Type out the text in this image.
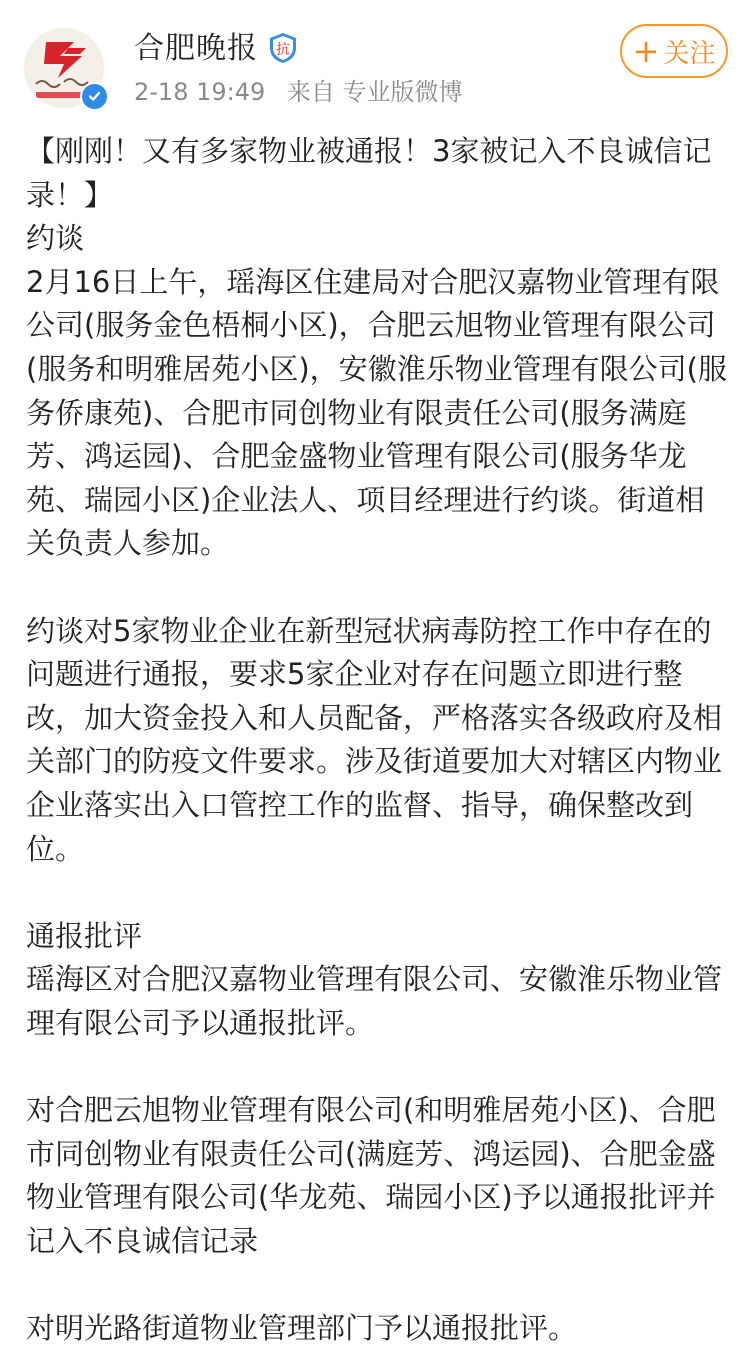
合肥晚报 抗
2-18 19:49 来自 专业版微博
+ 关注

【刚刚！又有多家物业被通报！3家被记入不良诚信记录！】

约谈

2月16日上午，瑶海区住建局对合肥汉嘉物业管理有限公司(服务金色梧桐小区)，合肥云旭物业管理有限公司(服务和明雅居苑小区)，安徽淮乐物业管理有限公司(服务侨康苑)、合肥市同创物业有限责任公司(服务满庭芳、鸿运园)、合肥金盛物业管理有限公司(服务华龙苑、瑞园小区)企业法人、项目经理进行约谈。街道相关负责人参加。

约谈对5家物业企业在新型冠状病毒防控工作中存在的问题进行通报，要求5家企业对存在问题立即进行整改，加大资金投入和人员配备，严格落实各级政府及相关部门的防疫文件要求。涉及街道要加大对辖区内物业企业落实出入口管控工作的监督、指导，确保整改到位。

通报批评

瑶海区对合肥汉嘉物业管理有限公司、安徽淮乐物业管理有限公司予以通报批评。

对合肥云旭物业管理有限公司(和明雅居苑小区)、合肥市同创物业有限责任公司(满庭芳、鸿运园)、合肥金盛物业管理有限公司(华龙苑、瑞园小区)予以通报批评并记入不良诚信记录

对明光路街道物业管理部门予以通报批评。
